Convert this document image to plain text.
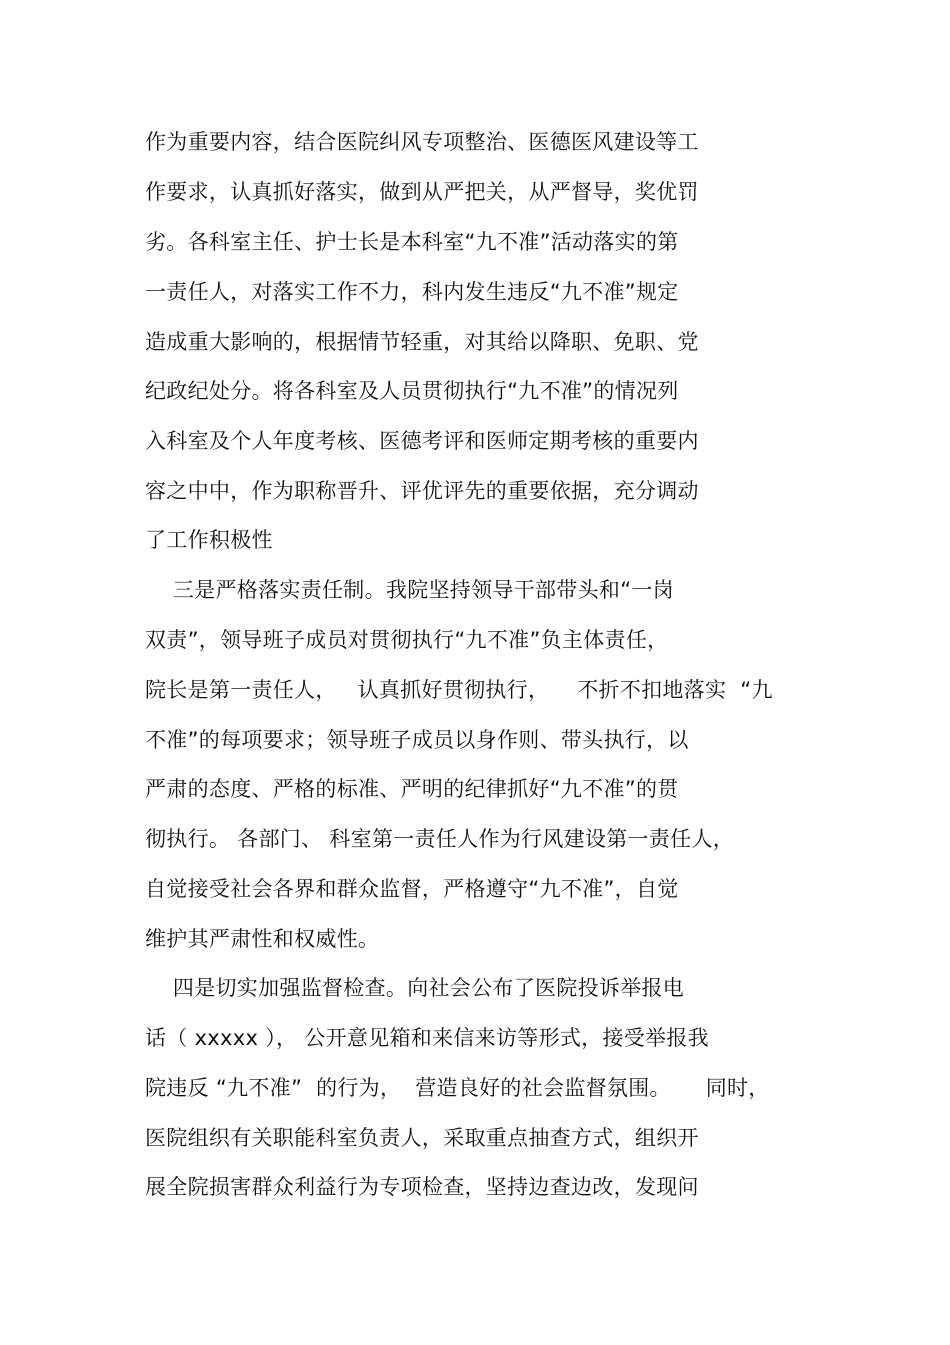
作为重要内容，结合医院纠风专项整治、医德医风建设等工
作要求，认真抓好落实，做到从严把关，从严督导，奖优罚
劣。各科室主任、护士长是本科室“九不准”活动落实的第
一责任人，对落实工作不力，科内发生违反“九不准”规定
造成重大影响的，根据情节轻重，对其给以降职、免职、党
纪政纪处分。将各科室及人员贯彻执行“九不准”的情况列
入科室及个人年度考核、医德考评和医师定期考核的重要内
容之中中，作为职称晋升、评优评先的重要依据，充分调动
了工作积极性
三是严格落实责任制。我院坚持领导干部带头和“一岗
双责”，领导班子成员对贯彻执行“九不准”负主体责任，
院长是第一责任人，   认真抓好贯彻执行，    不折不扣地落实  “九
不准”的每项要求；领导班子成员以身作则、带头执行，以
严肃的态度、严格的标准、严明的纪律抓好“九不准”的贯
彻执行。 各部门、 科室第一责任人作为行风建设第一责任人，
自觉接受社会各界和群众监督，严格遵守“九不准”，自觉
维护其严肃性和权威性。
四是切实加强监督检查。向社会公布了医院投诉举报电
话（ xxxxx ）， 公开意见箱和来信来访等形式，接受举报我
院违反 “九不准”  的行为，  营造良好的社会监督氛围。     同时，
医院组织有关职能科室负责人，采取重点抽查方式，组织开
展全院损害群众利益行为专项检查，坚持边查边改，发现问
